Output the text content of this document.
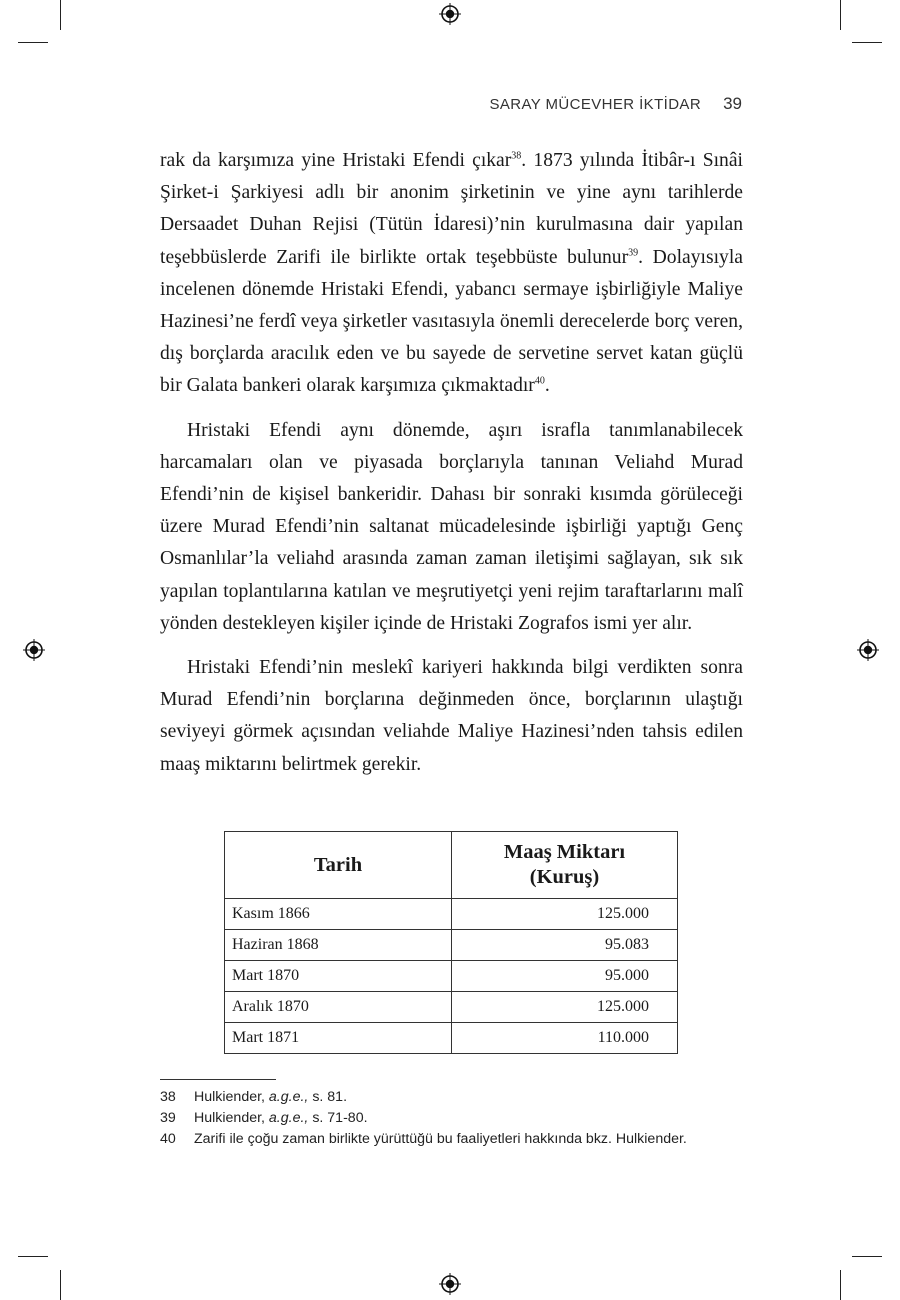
SARAY MÜCEVHER İKTİDAR 39

rak da karşımıza yine Hristaki Efendi çıkar$^{38}$. 1873 yılında İtibâr-ı Sınâi Şirket-i Şarkiyesi adlı bir anonim şirketinin ve yine aynı tarihlerde Dersaadet Duhan Rejisi (Tütün İdaresi)’nin kurulmasına dair yapılan teşebbüslerde Zarifi ile birlikte ortak teşebbüste bulunur$^{39}$. Dolayısıyla incelenen dönemde Hristaki Efendi, yabancı sermaye işbirliğiyle Maliye Hazinesi’ne ferdî veya şirketler vasıtasıyla önemli derecelerde borç veren, dış borçlarda aracılık eden ve bu sayede de servetine servet katan güçlü bir Galata bankeri olarak karşımıza çıkmaktadır$^{40}$.

Hristaki Efendi aynı dönemde, aşırı israfla tanımlanabilecek harcamaları olan ve piyasada borçlarıyla tanınan Veliahd Murad Efendi’nin de kişisel bankeridir. Dahası bir sonraki kısımda görüleceği üzere Murad Efendi’nin saltanat mücadelesinde işbirliği yaptığı Genç Osmanlılar’la veliahd arasında zaman zaman iletişimi sağlayan, sık sık yapılan toplantılarına katılan ve meşrutiyetçi yeni rejim taraftarlarını malî yönden destekleyen kişiler içinde de Hristaki Zografos ismi yer alır.

Hristaki Efendi’nin meslekî kariyeri hakkında bilgi verdikten sonra Murad Efendi’nin borçlarına değinmeden önce, borçlarının ulaştığı seviyeyi görmek açısından veliahde Maliye Hazinesi’nden tahsis edilen maaş miktarını belirtmek gerekir.

Tarih	Maaş Miktarı
(Kuruş)
Kasım 1866	125.000
Haziran 1868	95.083
Mart 1870	95.000
Aralık 1870	125.000
Mart 1871	110.000
38	Hulkiender, a.g.e., s. 81.
39	Hulkiender, a.g.e., s. 71-80.
40	Zarifi ile çoğu zaman birlikte yürüttüğü bu faaliyetleri hakkında bkz. Hulkiender.
